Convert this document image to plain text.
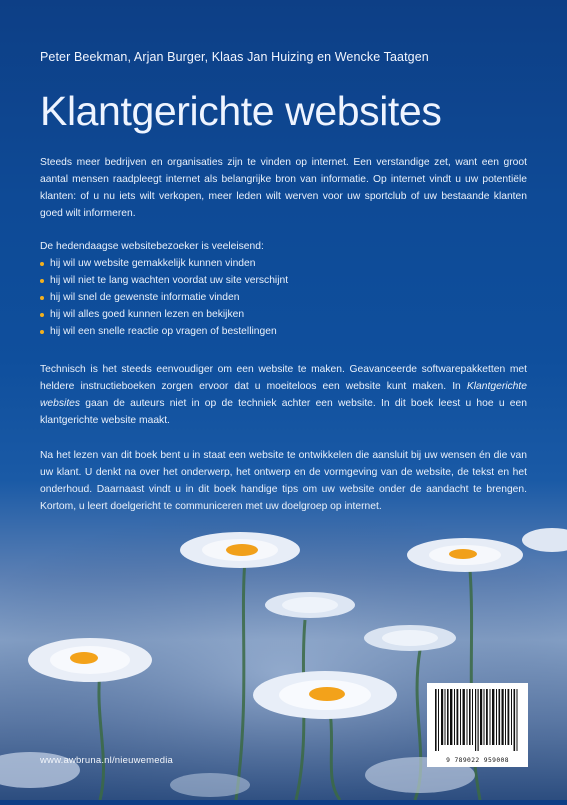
Peter Beekman, Arjan Burger, Klaas Jan Huizing en Wencke Taatgen
Klantgerichte websites
Steeds meer bedrijven en organisaties zijn te vinden op internet. Een verstandige zet, want een groot aantal mensen raadpleegt internet als belangrijke bron van informatie. Op internet vindt u uw potentiële klanten: of u nu iets wilt verkopen, meer leden wilt werven voor uw sportclub of uw bestaande klanten goed wilt informeren.
De hedendaagse websitebezoeker is veeleisend:
hij wil uw website gemakkelijk kunnen vinden
hij wil niet te lang wachten voordat uw site verschijnt
hij wil snel de gewenste informatie vinden
hij wil alles goed kunnen lezen en bekijken
hij wil een snelle reactie op vragen of bestellingen
Technisch is het steeds eenvoudiger om een website te maken. Geavanceerde softwarepakketten met heldere instructieboeken zorgen ervoor dat u moeiteloos een website kunt maken. In Klantgerichte websites gaan de auteurs niet in op de techniek achter een website. In dit boek leest u hoe u een klantgerichte website maakt.
Na het lezen van dit boek bent u in staat een website te ontwikkelen die aansluit bij uw wensen én die van uw klant. U denkt na over het onderwerp, het ontwerp en de vormgeving van de website, de tekst en het onderhoud. Daarnaast vindt u in dit boek handige tips om uw website onder de aandacht te brengen. Kortom, u leert doelgericht te communiceren met uw doelgroep op internet.
9 789022 959008
www.awbruna.nl/nieuwemedia
